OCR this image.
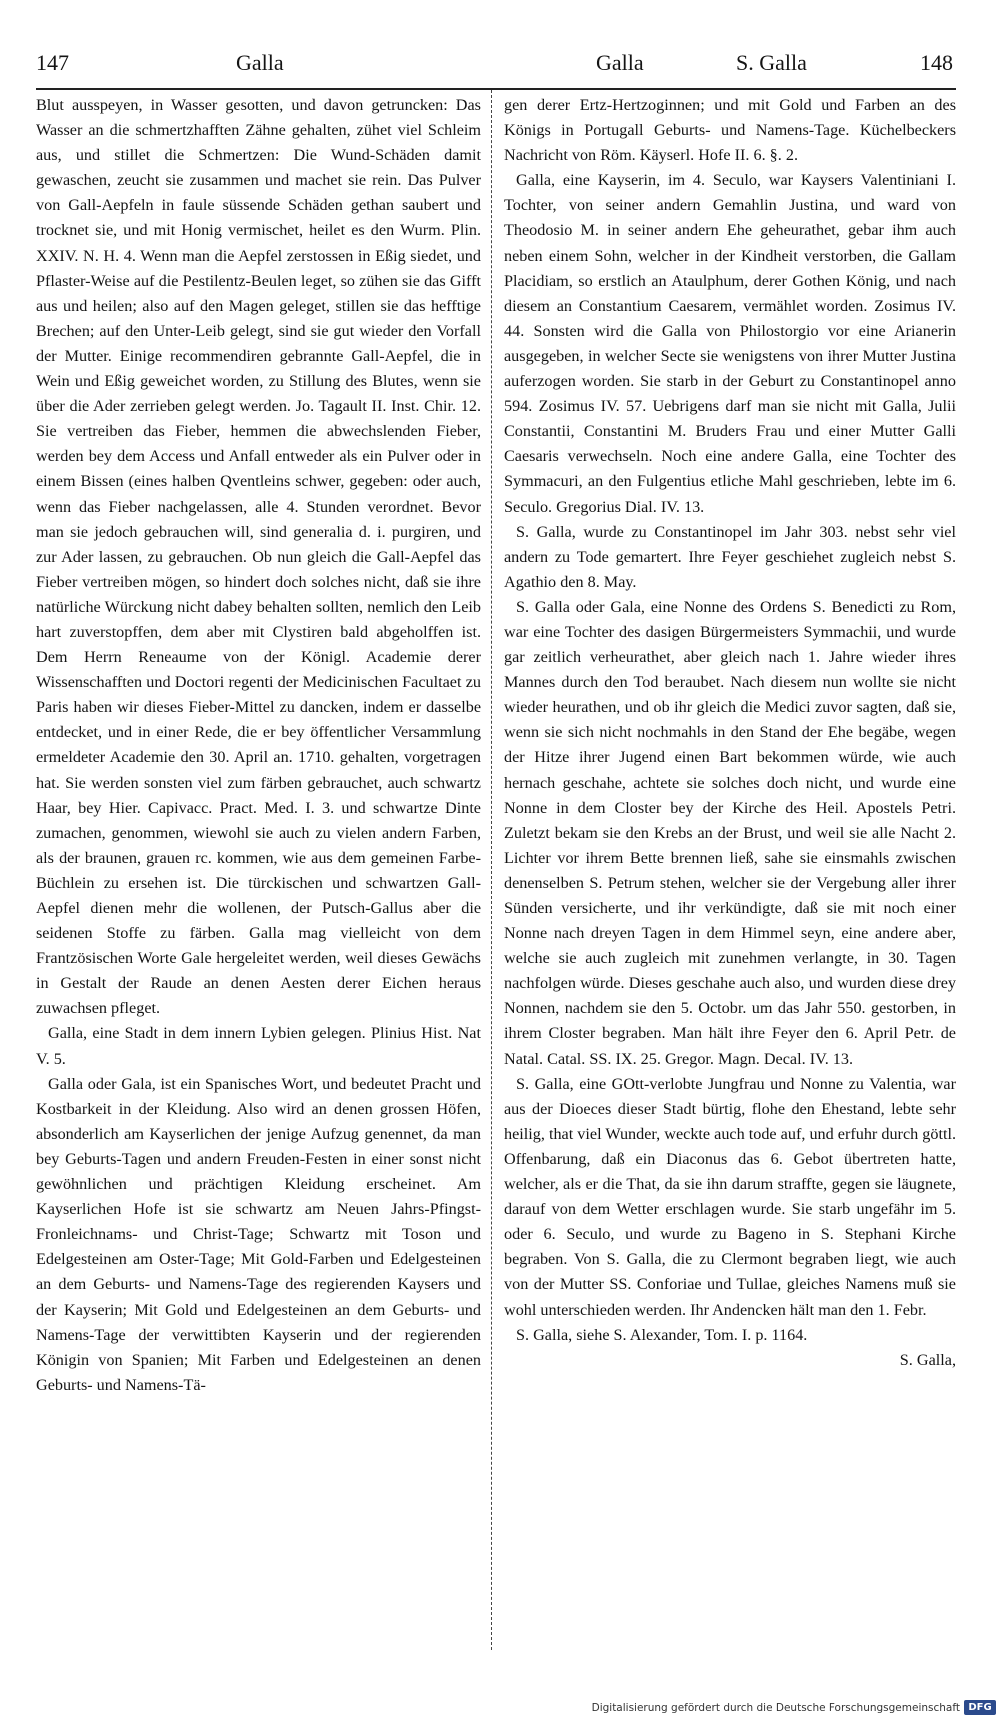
147	Galla	Galla	S. Galla	148

Blut ausspeyen, in Wasser gesotten, und davon getruncken: Das Wasser an die schmertzhafften Zähne gehalten, zühet viel Schleim aus, und stillet die Schmertzen: Die Wund-Schäden damit gewaschen, zeucht sie zusammen und machet sie rein. Das Pulver von Gall-Aepfeln in faule süssende Schäden gethan saubert und trocknet sie, und mit Honig vermischet, heilet es den Wurm. Plin. XXIV. N. H. 4. Wenn man die Aepfel zerstossen in Eßig siedet, und Pflaster-Weise auf die Pestilentz-Beulen leget, so zühen sie das Gifft aus und heilen; also auf den Magen geleget, stillen sie das hefftige Brechen; auf den Unter-Leib gelegt, sind sie gut wieder den Vorfall der Mutter. Einige recommendiren gebrannte Gall-Aepfel, die in Wein und Eßig geweichet worden, zu Stillung des Blutes, wenn sie über die Ader zerrieben gelegt werden. Jo. Tagault II. Inst. Chir. 12. Sie vertreiben das Fieber, hemmen die abwechslenden Fieber, werden bey dem Access und Anfall entweder als ein Pulver oder in einem Bissen (eines halben Qventleins schwer, gegeben: oder auch, wenn das Fieber nachgelassen, alle 4. Stunden verordnet. Bevor man sie jedoch gebrauchen will, sind generalia d. i. purgiren, und zur Ader lassen, zu gebrauchen. Ob nun gleich die Gall-Aepfel das Fieber vertreiben mögen, so hindert doch solches nicht, daß sie ihre natürliche Würckung nicht dabey behalten sollten, nemlich den Leib hart zuverstopffen, dem aber mit Clystiren bald abgeholffen ist. Dem Herrn Reneaume von der Königl. Academie derer Wissenschafften und Doctori regenti der Medicinischen Facultaet zu Paris haben wir dieses Fieber-Mittel zu dancken, indem er dasselbe entdecket, und in einer Rede, die er bey öffentlicher Versammlung ermeldeter Academie den 30. April an. 1710. gehalten, vorgetragen hat. Sie werden sonsten viel zum färben gebrauchet, auch schwartz Haar, bey Hier. Capivacc. Pract. Med. I. 3. und schwartze Dinte zumachen, genommen, wiewohl sie auch zu vielen andern Farben, als der braunen, grauen rc. kommen, wie aus dem gemeinen Farbe-Büchlein zu ersehen ist. Die türckischen und schwartzen Gall-Aepfel dienen mehr die wollenen, der Putsch-Gallus aber die seidenen Stoffe zu färben. Galla mag vielleicht von dem Frantzösischen Worte Gale hergeleitet werden, weil dieses Gewächs in Gestalt der Raude an denen Aesten derer Eichen heraus zuwachsen pfleget.

Galla, eine Stadt in dem innern Lybien gelegen. Plinius Hist. Nat V. 5.

Galla oder Gala, ist ein Spanisches Wort, und bedeutet Pracht und Kostbarkeit in der Kleidung. Also wird an denen grossen Höfen, absonderlich am Kayserlichen der jenige Aufzug genennet, da man bey Geburts-Tagen und andern Freuden-Festen in einer sonst nicht gewöhnlichen und prächtigen Kleidung erscheinet. Am Kayserlichen Hofe ist sie schwartz am Neuen Jahrs-Pfingst-Fronleichnams- und Christ-Tage; Schwartz mit Toson und Edelgesteinen am Oster-Tage; Mit Gold-Farben und Edelgesteinen an dem Geburts- und Namens-Tage des regierenden Kaysers und der Kayserin; Mit Gold und Edelgesteinen an dem Geburts- und Namens-Tage der verwittibten Kayserin und der regierenden Königin von Spanien; Mit Farben und Edelgesteinen an denen Geburts- und Namens-Tä-

gen derer Ertz-Hertzoginnen; und mit Gold und Farben an des Königs in Portugall Geburts- und Namens-Tage. Küchelbeckers Nachricht von Röm. Käyserl. Hofe II. 6. §. 2.

Galla, eine Kayserin, im 4. Seculo, war Kaysers Valentiniani I. Tochter, von seiner andern Gemahlin Justina, und ward von Theodosio M. in seiner andern Ehe geheurathet, gebar ihm auch neben einem Sohn, welcher in der Kindheit verstorben, die Gallam Placidiam, so erstlich an Ataulphum, derer Gothen König, und nach diesem an Constantium Caesarem, vermählet worden. Zosimus IV. 44. Sonsten wird die Galla von Philostorgio vor eine Arianerin ausgegeben, in welcher Secte sie wenigstens von ihrer Mutter Justina auferzogen worden. Sie starb in der Geburt zu Constantinopel anno 594. Zosimus IV. 57. Uebrigens darf man sie nicht mit Galla, Julii Constantii, Constantini M. Bruders Frau und einer Mutter Galli Caesaris verwechseln. Noch eine andere Galla, eine Tochter des Symmacuri, an den Fulgentius etliche Mahl geschrieben, lebte im 6. Seculo. Gregorius Dial. IV. 13.

S. Galla, wurde zu Constantinopel im Jahr 303. nebst sehr viel andern zu Tode gemartert. Ihre Feyer geschiehet zugleich nebst S. Agathio den 8. May.

S. Galla oder Gala, eine Nonne des Ordens S. Benedicti zu Rom, war eine Tochter des dasigen Bürgermeisters Symmachii, und wurde gar zeitlich verheurathet, aber gleich nach 1. Jahre wieder ihres Mannes durch den Tod beraubet. Nach diesem nun wollte sie nicht wieder heurathen, und ob ihr gleich die Medici zuvor sagten, daß sie, wenn sie sich nicht nochmahls in den Stand der Ehe begäbe, wegen der Hitze ihrer Jugend einen Bart bekommen würde, wie auch hernach geschahe, achtete sie solches doch nicht, und wurde eine Nonne in dem Closter bey der Kirche des Heil. Apostels Petri. Zuletzt bekam sie den Krebs an der Brust, und weil sie alle Nacht 2. Lichter vor ihrem Bette brennen ließ, sahe sie einsmahls zwischen denenselben S. Petrum stehen, welcher sie der Vergebung aller ihrer Sünden versicherte, und ihr verkündigte, daß sie mit noch einer Nonne nach dreyen Tagen in dem Himmel seyn, eine andere aber, welche sie auch zugleich mit zunehmen verlangte, in 30. Tagen nachfolgen würde. Dieses geschahe auch also, und wurden diese drey Nonnen, nachdem sie den 5. Octobr. um das Jahr 550. gestorben, in ihrem Closter begraben. Man hält ihre Feyer den 6. April Petr. de Natal. Catal. SS. IX. 25. Gregor. Magn. Decal. IV. 13.

S. Galla, eine GOtt-verlobte Jungfrau und Nonne zu Valentia, war aus der Dioeces dieser Stadt bürtig, flohe den Ehestand, lebte sehr heilig, that viel Wunder, weckte auch tode auf, und erfuhr durch göttl. Offenbarung, daß ein Diaconus das 6. Gebot übertreten hatte, welcher, als er die That, da sie ihn darum straffte, gegen sie läugnete, darauf von dem Wetter erschlagen wurde. Sie starb ungefähr im 5. oder 6. Seculo, und wurde zu Bageno in S. Stephani Kirche begraben. Von S. Galla, die zu Clermont begraben liegt, wie auch von der Mutter SS. Conforiae und Tullae, gleiches Namens muß sie wohl unterschieden werden. Ihr Andencken hält man den 1. Febr.

S. Galla, siehe S. Alexander, Tom. I. p. 1164.

S. Galla,

Digitalisierung gefördert durch die Deutsche Forschungsgemeinschaft DFG
